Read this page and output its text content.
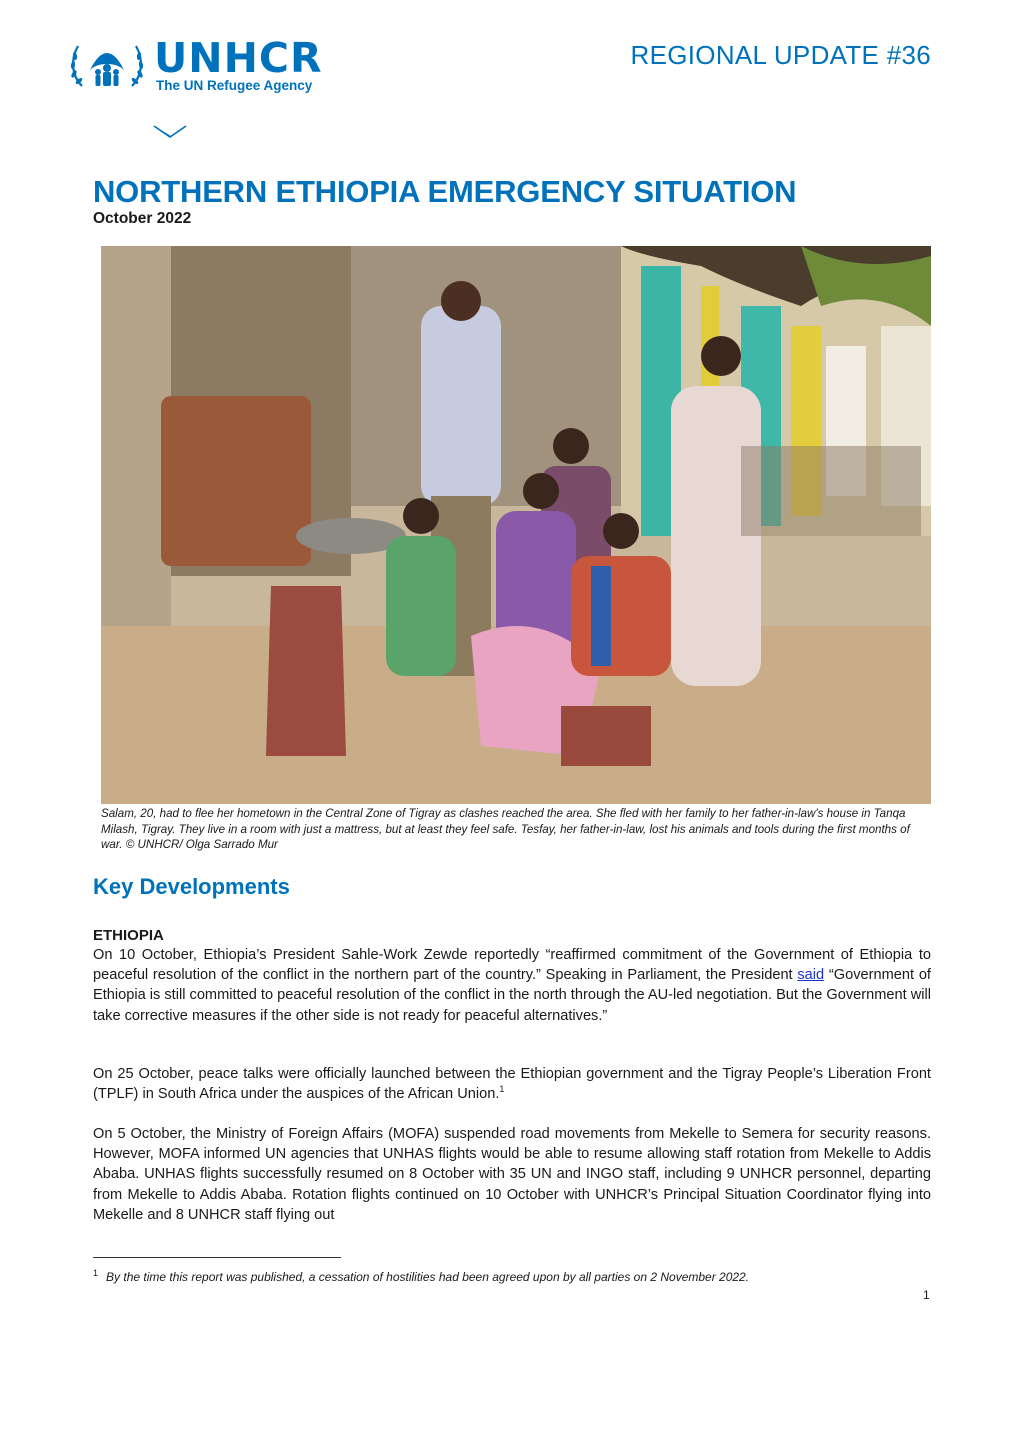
UNHCR
The UN Refugee Agency
REGIONAL UPDATE #36
NORTHERN ETHIOPIA EMERGENCY SITUATION
October 2022
Salam, 20, had to flee her hometown in the Central Zone of Tigray as clashes reached the area. She fled with her family to her father-in-law's house in Tanqa Milash, Tigray. They live in a room with just a mattress, but at least they feel safe. Tesfay, her father-in-law, lost his animals and tools during the first months of war. © UNHCR/ Olga Sarrado Mur
Key Developments
ETHIOPIA

On 10 October, Ethiopia’s President Sahle-Work Zewde reportedly “reaffirmed commitment of the Government of Ethiopia to peaceful resolution of the conflict in the northern part of the country.” Speaking in Parliament, the President said “Government of Ethiopia is still committed to peaceful resolution of the conflict in the north through the AU-led negotiation. But the Government will take corrective measures if the other side is not ready for peaceful alternatives.”

On 25 October, peace talks were officially launched between the Ethiopian government and the Tigray People’s Liberation Front (TPLF) in South Africa under the auspices of the African Union.$^1$

On 5 October, the Ministry of Foreign Affairs (MOFA) suspended road movements from Mekelle to Semera for security reasons. However, MOFA informed UN agencies that UNHAS flights would be able to resume allowing staff rotation from Mekelle to Addis Ababa. UNHAS flights successfully resumed on 8 October with 35 UN and INGO staff, including 9 UNHCR personnel, departing from Mekelle to Addis Ababa. Rotation flights continued on 10 October with UNHCR’s Principal Situation Coordinator flying into Mekelle and 8 UNHCR staff flying out

$^1$ By the time this report was published, a cessation of hostilities had been agreed upon by all parties on 2 November 2022.
1
